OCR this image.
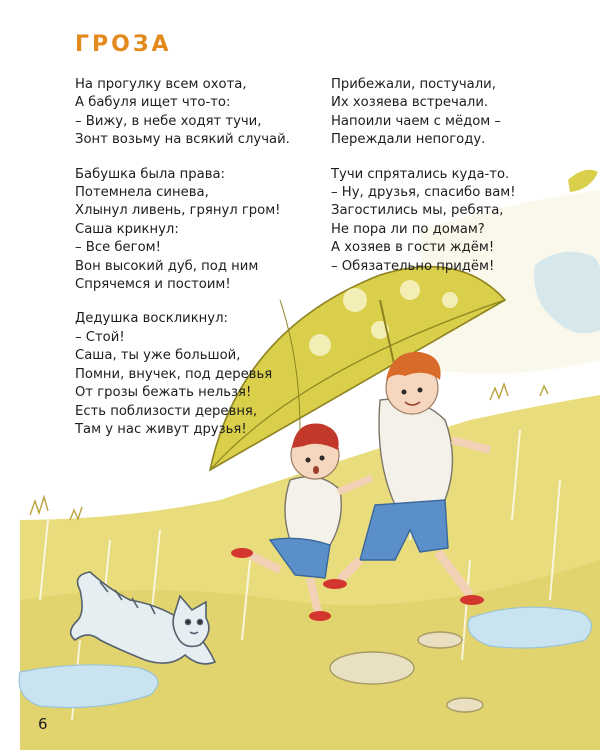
ГРОЗА
На прогулку всем охота,
А бабуля ищет что-то:
– Вижу, в небе ходят тучи,
Зонт возьму на всякий случай.
Бабушка была права:
Потемнела синева,
Хлынул ливень, грянул гром!
Саша крикнул:
– Все бегом!
Вон высокий дуб, под ним
Спрячемся и постоим!
Дедушка воскликнул:
– Стой!
Саша, ты уже большой,
Помни, внучек, под деревья
От грозы бежать нельзя!
Есть поблизости деревня,
Там у нас живут друзья!
Прибежали, постучали,
Их хозяева встречали.
Напоили чаем с мёдом –
Переждали непогоду.
Тучи спрятались куда-то.
– Ну, друзья, спасибо вам!
Загостились мы, ребята,
Не пора ли по домам?
А хозяев в гости ждём!
– Обязательно придём!
6
